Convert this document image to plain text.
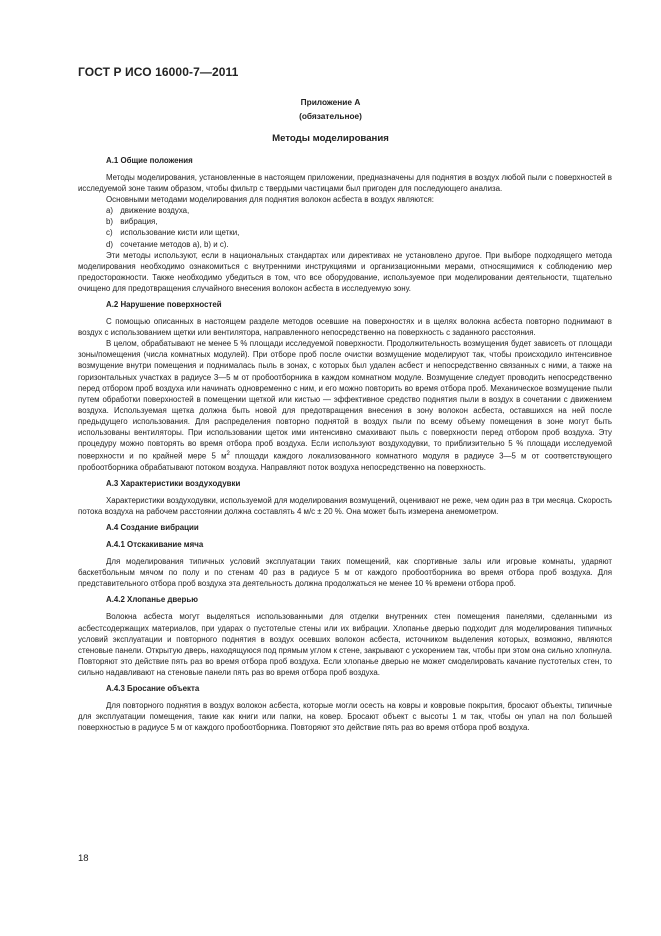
ГОСТ Р ИСО 16000-7—2011
Приложение А
(обязательное)
Методы моделирования
А.1 Общие положения

Методы моделирования, установленные в настоящем приложении, предназначены для поднятия в воздух любой пыли с поверхностей в исследуемой зоне таким образом, чтобы фильтр с твердыми частицами был пригоден для последующего анализа.

Основными методами моделирования для поднятия волокон асбеста в воздух являются:

а) движение воздуха,
b) вибрация,
с) использование кисти или щетки,
d) сочетание методов а), b) и с).

Эти методы используют, если в национальных стандартах или директивах не установлено другое. При выборе подходящего метода моделирования необходимо ознакомиться с внутренними инструкциями и организационными мерами, относящимися к соблюдению мер предосторожности. Также необходимо убедиться в том, что все оборудование, используемое при моделировании деятельности, тщательно очищено для предотвращения случайного внесения волокон асбеста в исследуемую зону.

А.2 Нарушение поверхностей

С помощью описанных в настоящем разделе методов осевшие на поверхностях и в щелях волокна асбеста повторно поднимают в воздух с использованием щетки или вентилятора, направленного непосредственно на поверхность с заданного расстояния.

В целом, обрабатывают не менее 5 % площади исследуемой поверхности. Продолжительность возмущения будет зависеть от площади зоны/помещения (числа комнатных модулей). При отборе проб после очистки возмущение моделируют так, чтобы происходило интенсивное возмущение внутри помещения и поднималась пыль в зонах, с которых был удален асбест и непосредственно связанных с ними, а также на горизонтальных участках в радиусе 3—5 м от пробоотборника в каждом комнатном модуле. Возмущение следует проводить непосредственно перед отбором проб воздуха или начинать одновременно с ним, и его можно повторить во время отбора проб. Механическое возмущение пыли путем обработки поверхностей в помещении щеткой или кистью — эффективное средство поднятия пыли в воздух в сочетании с движением воздуха. Используемая щетка должна быть новой для предотвращения внесения в зону волокон асбеста, оставшихся на ней после предыдущего использования. Для распределения повторно поднятой в воздух пыли по всему объему помещения в зоне могут быть использованы вентиляторы. При использовании щеток ими интенсивно смахивают пыль с поверхности перед отбором проб воздуха. Эту процедуру можно повторять во время отбора проб воздуха. Если используют воздуходувки, то приблизительно 5 % площади исследуемой поверхности и по крайней мере 5 $м^2$ площади каждого локализованного комнатного модуля в радиусе 3—5 м от соответствующего пробоотборника обрабатывают потоком воздуха. Направляют поток воздуха непосредственно на поверхность.

А.3 Характеристики воздуходувки

Характеристики воздуходувки, используемой для моделирования возмущений, оценивают не реже, чем один раз в три месяца. Скорость потока воздуха на рабочем расстоянии должна составлять 4 м/с ± 20 %. Она может быть измерена анемометром.

А.4 Создание вибрации
А.4.1 Отскакивание мяча

Для моделирования типичных условий эксплуатации таких помещений, как спортивные залы или игровые комнаты, ударяют баскетбольным мячом по полу и по стенам 40 раз в радиусе 5 м от каждого пробоотборника во время отбора проб воздуха. Для представительного отбора проб воздуха эта деятельность должна продолжаться не менее 10 % времени отбора проб.

А.4.2 Хлопанье дверью

Волокна асбеста могут выделяться использованными для отделки внутренних стен помещения панелями, сделанными из асбестсодержащих материалов, при ударах о пустотелые стены или их вибрации. Хлопанье дверью подходит для моделирования типичных условий эксплуатации и повторного поднятия в воздух осевших волокон асбеста, источником выделения которых, возможно, являются стеновые панели. Открытую дверь, находящуюся под прямым углом к стене, закрывают с ускорением так, чтобы при этом она сильно хлопнула. Повторяют это действие пять раз во время отбора проб воздуха. Если хлопанье дверью не может смоделировать качание пустотелых стен, то сильно надавливают на стеновые панели пять раз во время отбора проб воздуха.

А.4.3 Бросание объекта

Для повторного поднятия в воздух волокон асбеста, которые могли осесть на ковры и ковровые покрытия, бросают объекты, типичные для эксплуатации помещения, такие как книги или папки, на ковер. Бросают объект с высоты 1 м так, чтобы он упал на пол большей поверхностью в радиусе 5 м от каждого пробоотборника. Повторяют это действие пять раз во время отбора проб воздуха.

18
